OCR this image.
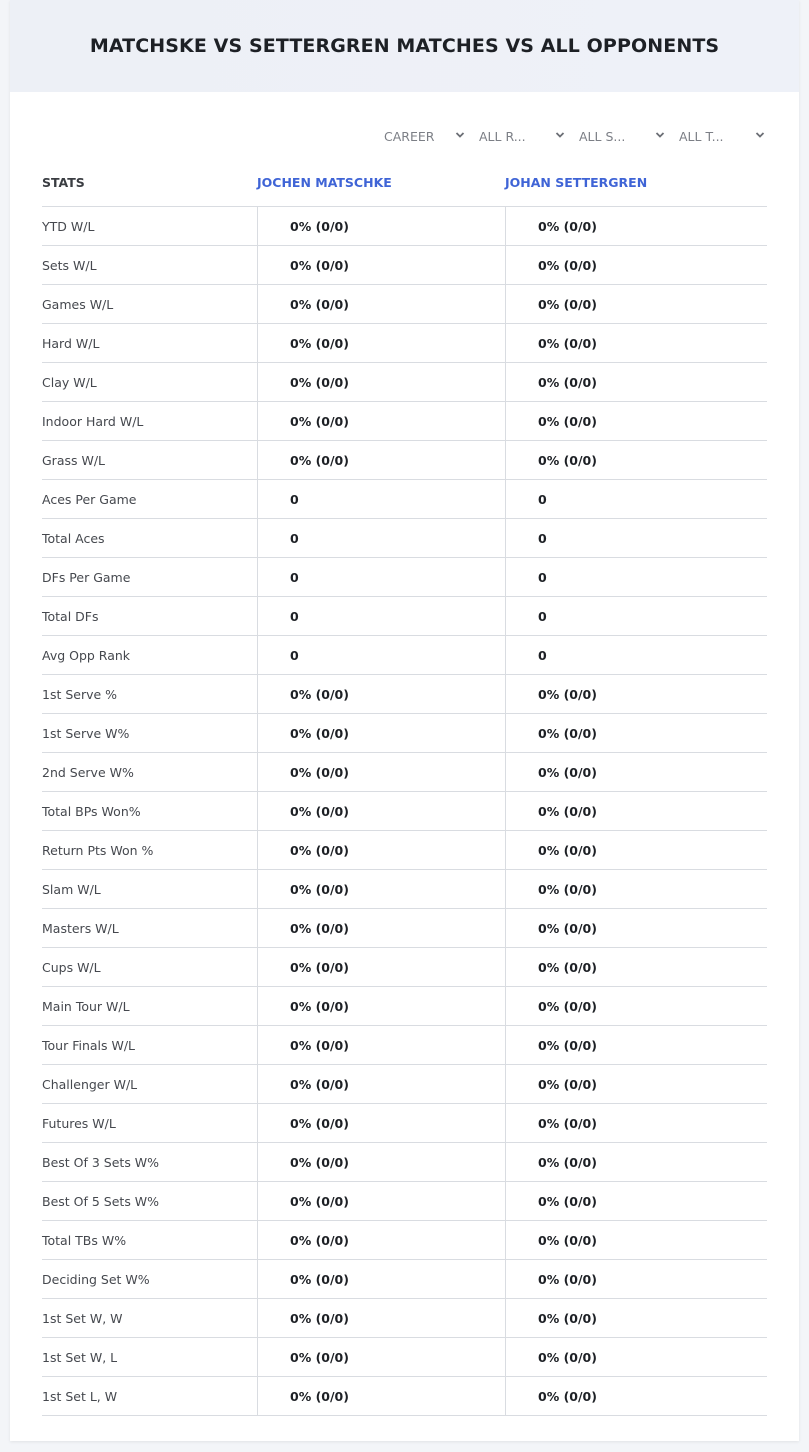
MATCHSKE VS SETTERGREN MATCHES VS ALL OPPONENTS
CAREER	ALL R...	ALL S...	ALL T...
STATS	JOCHEN MATSCHKE	JOHAN SETTERGREN
YTD W/L	0% (0/0)	0% (0/0)
Sets W/L	0% (0/0)	0% (0/0)
Games W/L	0% (0/0)	0% (0/0)
Hard W/L	0% (0/0)	0% (0/0)
Clay W/L	0% (0/0)	0% (0/0)
Indoor Hard W/L	0% (0/0)	0% (0/0)
Grass W/L	0% (0/0)	0% (0/0)
Aces Per Game	0	0
Total Aces	0	0
DFs Per Game	0	0
Total DFs	0	0
Avg Opp Rank	0	0
1st Serve %	0% (0/0)	0% (0/0)
1st Serve W%	0% (0/0)	0% (0/0)
2nd Serve W%	0% (0/0)	0% (0/0)
Total BPs Won%	0% (0/0)	0% (0/0)
Return Pts Won %	0% (0/0)	0% (0/0)
Slam W/L	0% (0/0)	0% (0/0)
Masters W/L	0% (0/0)	0% (0/0)
Cups W/L	0% (0/0)	0% (0/0)
Main Tour W/L	0% (0/0)	0% (0/0)
Tour Finals W/L	0% (0/0)	0% (0/0)
Challenger W/L	0% (0/0)	0% (0/0)
Futures W/L	0% (0/0)	0% (0/0)
Best Of 3 Sets W%	0% (0/0)	0% (0/0)
Best Of 5 Sets W%	0% (0/0)	0% (0/0)
Total TBs W%	0% (0/0)	0% (0/0)
Deciding Set W%	0% (0/0)	0% (0/0)
1st Set W, W	0% (0/0)	0% (0/0)
1st Set W, L	0% (0/0)	0% (0/0)
1st Set L, W	0% (0/0)	0% (0/0)
